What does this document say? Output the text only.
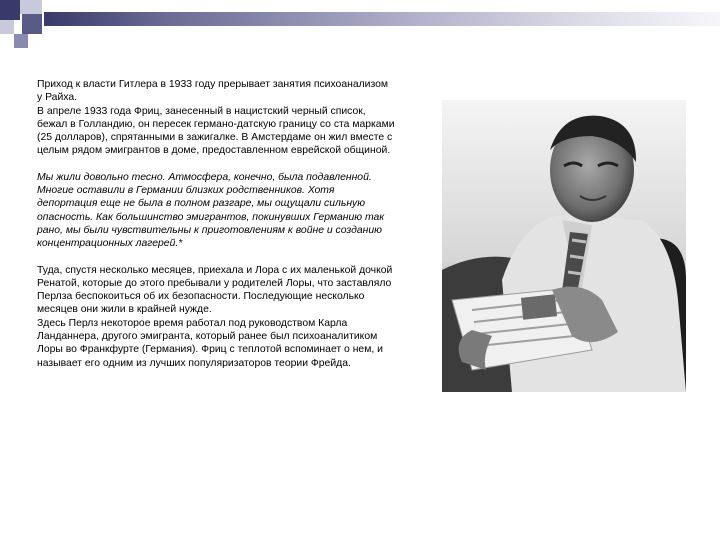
Приход к власти Гитлера в 1933 году прерывает занятия психоанализом у Райха.

В апреле 1933 года Фриц, занесенный в нацистский черный список, бежал в Голландию, он пересек германо-датскую границу со ста марками (25 долларов), спрятанными в зажигалке. В Амстердаме он жил вместе с целым рядом эмигрантов в доме, предоставленном еврейской общиной.

Мы жили довольно тесно. Атмосфера, конечно, была подавленной. Многие оставили в Германии близких родственников. Хотя депортация еще не была в полном разгаре, мы ощущали сильную опасность. Как большинство эмигрантов, покинувших Германию так рано, мы были чувствительны к приготовлениям к войне и созданию концентрационных лагерей.*

Туда, спустя несколько месяцев, приехала и Лора с их маленькой дочкой Ренатой, которые до этого пребывали у родителей Лоры, что заставляло Перлза беспокоиться об их безопасности. Последующие несколько месяцев они жили в крайней нужде.

Здесь Перлз некоторое время работал под руководством Карла Ланданнера, другого эмигранта, который ранее был психоаналитиком Лоры во Франкфурте (Германия). Фриц с теплотой вспоминает о нем, и называет его одним из лучших популяризаторов теории Фрейда.
